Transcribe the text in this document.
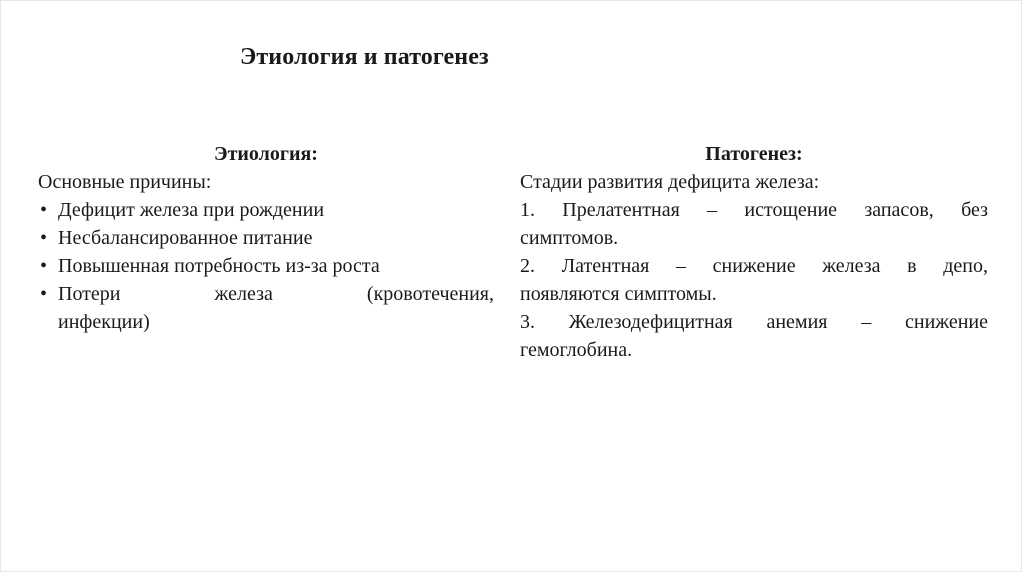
Этиология и патогенез
Этиология:
Основные причины:
• Дефицит железа при рождении
• Несбалансированное питание
• Повышенная потребность из-за роста
• Потери железа (кровотечения,
инфекции)
Патогенез:
Стадии развития дефицита железа:
1. Прелатентная – истощение запасов, без
симптомов.
2. Латентная – снижение железа в депо,
появляются симптомы.
3. Железодефицитная анемия – снижение
гемоглобина.
